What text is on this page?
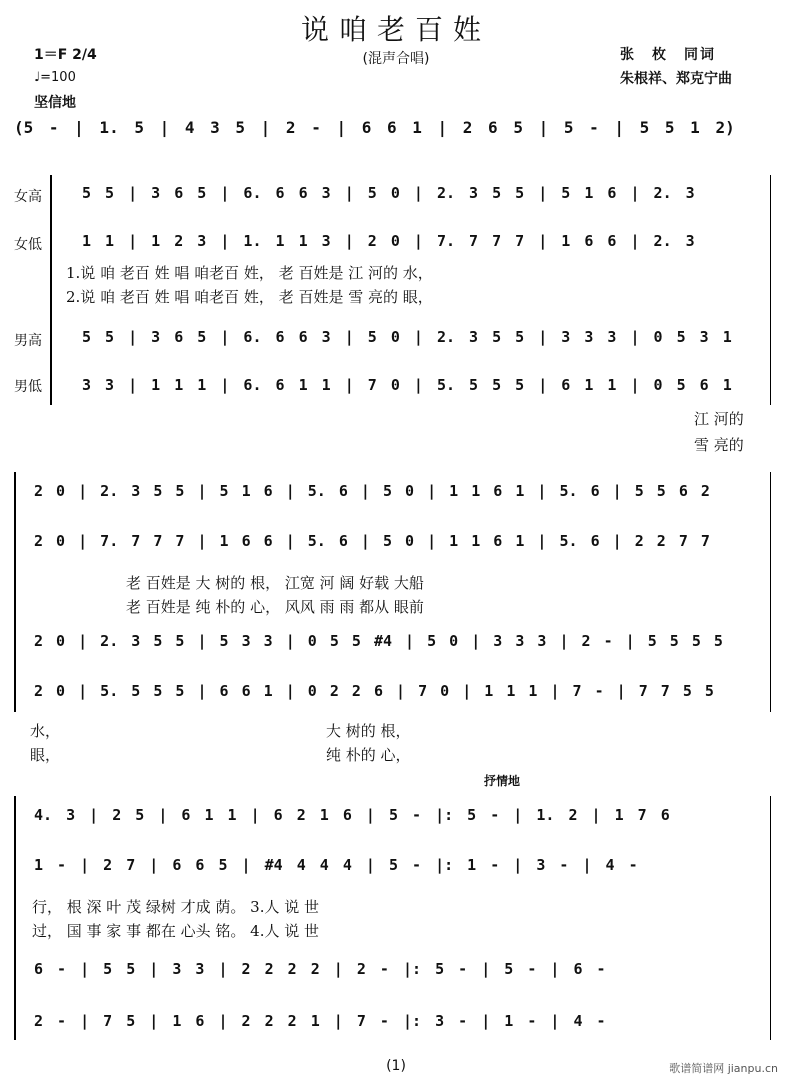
说咱老百姓
(混声合唱)
1＝F 2/4
♩=100
坚信地
张　枚　同词
朱根祥、郑克宁曲
(5 - | 1. 5 | 4 3 5 | 2 - | 6 6 1 | 2 6 5 | 5 - | 5 5 1 2)
女高
女低
男高
男低
5 5 | 3 6 5 | 6. 6 6 3 | 5 0 | 2. 3 5 5 | 5 1 6 | 2. 3
1 1 | 1 2 3 | 1. 1 1 3 | 2 0 | 7. 7 7 7 | 1 6 6 | 2. 3
1.说 咱 老百 姓 唱 咱老百 姓， 老 百姓是 江 河的 水，
2.说 咱 老百 姓 唱 咱老百 姓， 老 百姓是 雪 亮的 眼，
5 5 | 3 6 5 | 6. 6 6 3 | 5 0 | 2. 3 5 5 | 3 3 3 | 0 5 3 1
3 3 | 1 1 1 | 6. 6 1 1 | 7 0 | 5. 5 5 5 | 6 1 1 | 0 5 6 1
江 河的
雪 亮的
2 0 | 2. 3 5 5 | 5 1 6 | 5. 6 | 5 0 | 1 1 6 1 | 5. 6 | 5 5 6 2
2 0 | 7. 7 7 7 | 1 6 6 | 5. 6 | 5 0 | 1 1 6 1 | 5. 6 | 2 2 7 7
老 百姓是 大 树的 根， 江宽 河 阔 好载 大船
老 百姓是 纯 朴的 心， 风风 雨 雨 都从 眼前
2 0 | 2. 3 5 5 | 5 3 3 | 0 5 5 #4 | 5 0 | 3 3 3 | 2 - | 5 5 5 5
2 0 | 5. 5 5 5 | 6 6 1 | 0 2 2 6 | 7 0 | 1 1 1 | 7 - | 7 7 5 5
水，
眼，
大 树的 根，
纯 朴的 心，
抒情地
4. 3 | 2 5 | 6 1 1 | 6 2 1 6 | 5 - |: 5 - | 1. 2 | 1 7 6
1 - | 2 7 | 6 6 5 | #4 4 4 4 | 5 - |: 1 - | 3 - | 4 -
行， 根 深 叶 茂 绿树 才成 荫。 3.人 说 世
过， 国 事 家 事 都在 心头 铭。 4.人 说 世
6 - | 5 5 | 3 3 | 2 2 2 2 | 2 - |: 5 - | 5 - | 6 -
2 - | 7 5 | 1 6 | 2 2 2 1 | 7 - |: 3 - | 1 - | 4 -
(1)	歌谱简谱网 jianpu.cn
